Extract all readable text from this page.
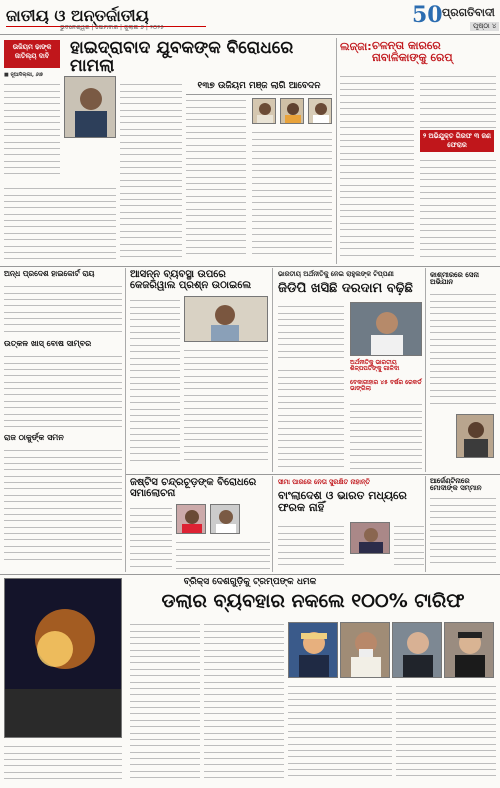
ଜାତୀୟ ଓ ଅନ୍ତର୍ଜାତୀୟ
ଭୁବନେଶ୍ୱର | ସୋମବାର | ଜୁଲାଇ ୭ | ୨୦୨୫	50 ପ୍ରଗତିବାଦୀ
ପୃଷ୍ଠା ୪
ଉଜିୟମ ଢାଙ୍କ ଜାତିଲ୍ୟ ଦାବି	ହାଇଦ୍ରାବାଦ ଯୁବକଙ୍କ ବିରୋଧରେ ମାମଲା
■ ନୂଆଦିଲ୍ଲୀ, ୬ା୭
୧୩୭ ଉଜିୟମ ମଞ୍ଜ ଲାଗି ଆବେଦନ
ଲଜ୍ଜା: ଚଳନ୍ତା କାରରେ ନାବାଳିକାଙ୍କୁ ରେପ୍
୨ ଅଭିଯୁକ୍ତ ଗିରଫ ୩ ଜଣ ଫେରାର
ଅନ୍ଧ ପ୍ରଦେଶ ହାଇକୋର୍ଟ ରାୟ
ଉତ୍କଳ ଖାସ୍ ବୋଷ ସାମ୍ବର
ରାଜ ଠାକୁର୍ଙ୍କ ସମନ
ଆସନ୍ନ ବ୍ୟବସ୍ଥା ଉପରେ କେଜରିୱାଲ ପ୍ରଶ୍ନ ଉଠାଇଲେ
ଭାରତୀୟ ଅର୍ଥନୀତିକୁ ନେଇ ରାହୁଲଙ୍କ ଟିପ୍ପଣୀ
ଜିଡିପି ଖସିଛି ଦରଦାମ ବଢ଼ିଛି
ଅର୍ଥନୀତିକୁ ଭାରତୀୟ ଶିଳ୍ପପତିଙ୍କୁ ଗାଳିଦା
ବେକାରୀହାର ୪୫ ବର୍ଷର ରେକର୍ଡ ଭାଙ୍ଗିଲା
କାଶ୍ମୀରରେ ସେନା ଅଭିଯାନ
ଜଷ୍ଟିସ ଚନ୍ଦ୍ରଚୂଡ଼ଙ୍କ ବିରୋଧରେ ସମାଲୋଚନା
ସୀମା ପାରରେ ନେତା ସୁରକ୍ଷିତ ନାହାନ୍ତି
ବାଂଲାଦେଶ ଓ ଭାରତ ମଧ୍ୟରେ ଫରକ ନାହିଁ
ଆର୍ଜେଣ୍ଟିନାରେ ମୋଦୀଙ୍କ ସମ୍ମାନ
ବ୍ରିକ୍ସ ଦେଶଗୁଡ଼ିକୁ ଟ୍ରମ୍ପଙ୍କ ଧମକ
ଡଲାର ବ୍ୟବହାର ନକଲେ ୧୦୦% ଟାରିଫ
